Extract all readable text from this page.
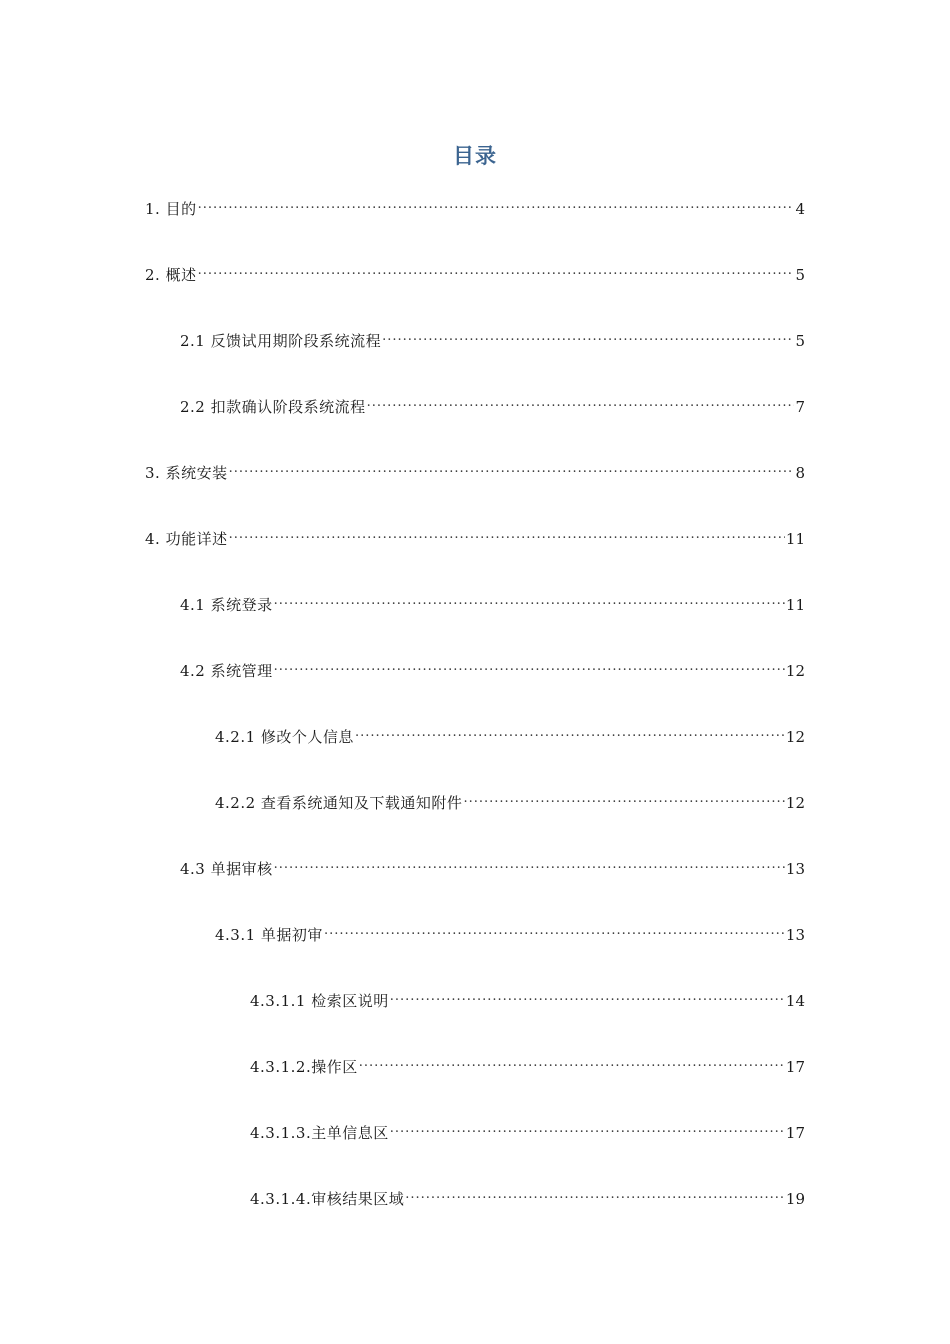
目录
1. 目的 .....	4
2. 概述 .....	5
2.1 反馈试用期阶段系统流程 .....	5
2.2 扣款确认阶段系统流程 .....	7
3. 系统安装 .....	8
4. 功能详述 .....	11
4.1 系统登录 .....	11
4.2 系统管理 .....	12
4.2.1 修改个人信息 .....	12
4.2.2 查看系统通知及下载通知附件 .....	12
4.3 单据审核 .....	13
4.3.1 单据初审 .....	13
4.3.1.1 检索区说明 .....	14
4.3.1.2.操作区 .....	17
4.3.1.3.主单信息区 .....	17
4.3.1.4.审核结果区域 .....	19
